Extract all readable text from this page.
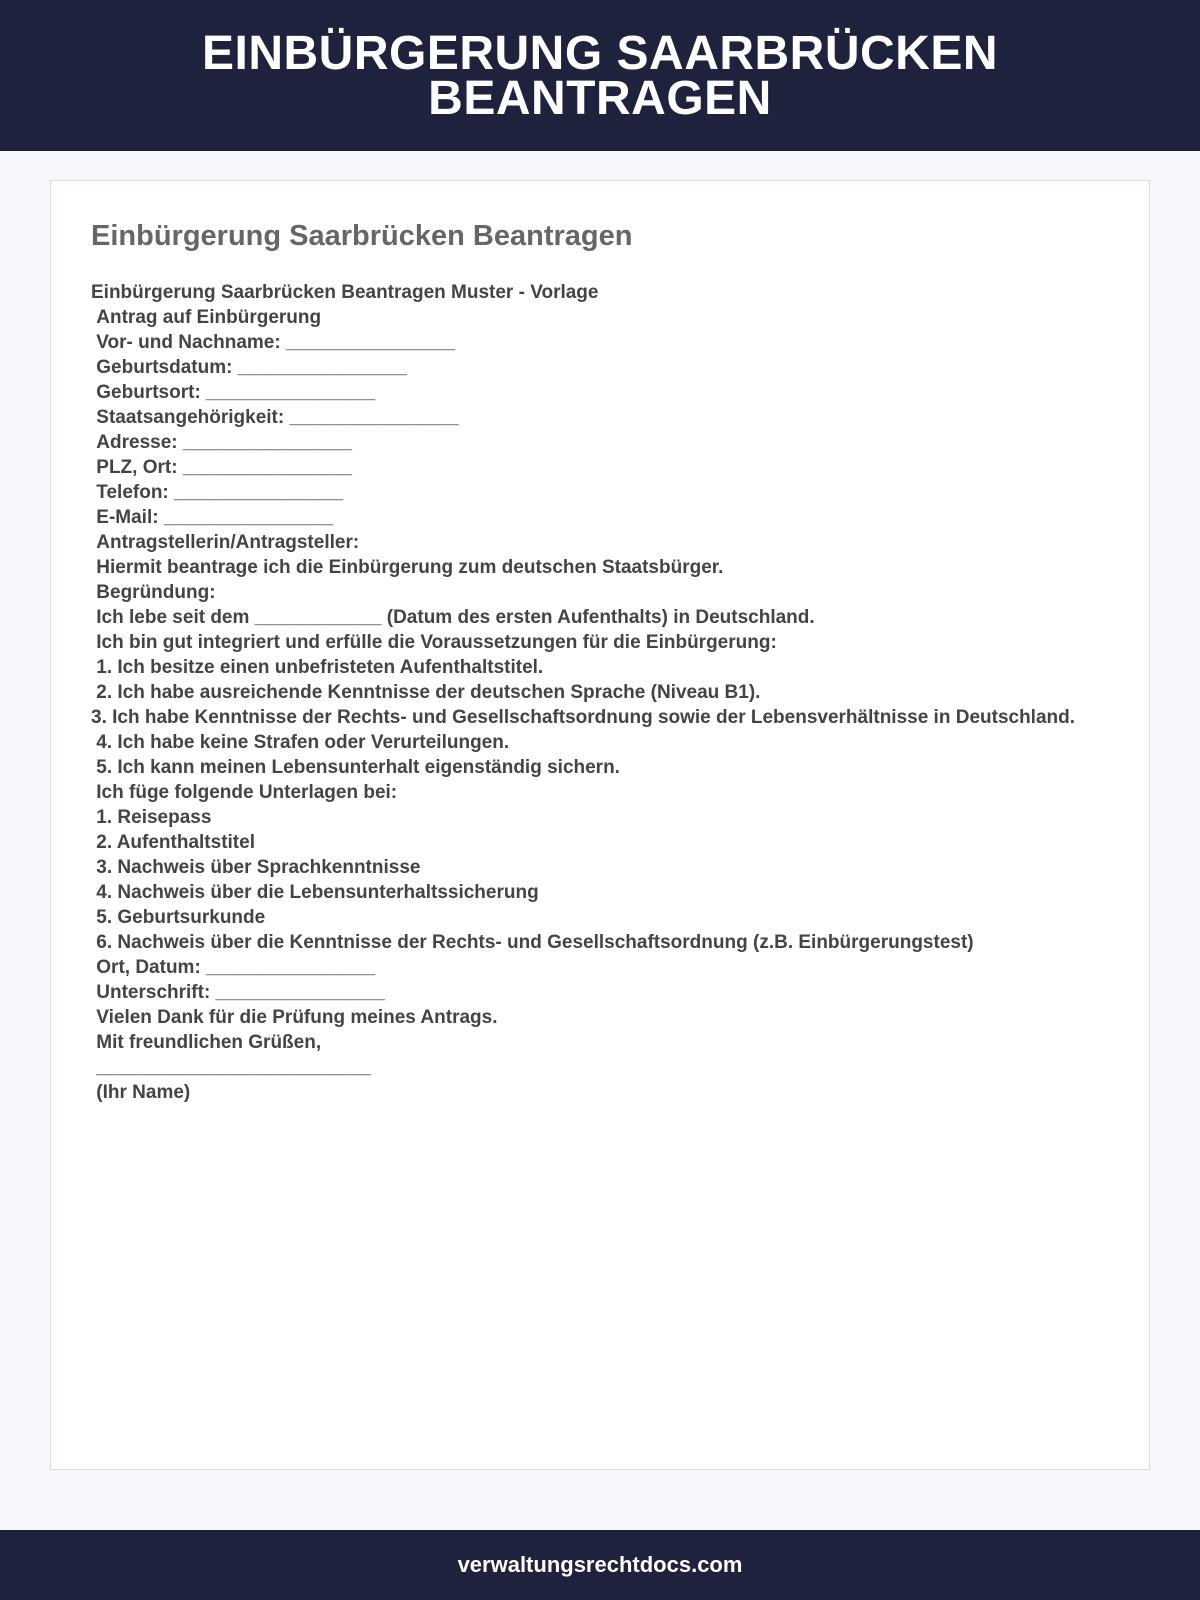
EINBÜRGERUNG SAARBRÜCKEN BEANTRAGEN
Einbürgerung Saarbrücken Beantragen
Einbürgerung Saarbrücken Beantragen Muster - Vorlage
Antrag auf Einbürgerung
Vor- und Nachname: ________________
Geburtsdatum: ________________
Geburtsort: ________________
Staatsangehörigkeit: ________________
Adresse: ________________
PLZ, Ort: ________________
Telefon: ________________
E-Mail: ________________
Antragstellerin/Antragsteller:
Hiermit beantrage ich die Einbürgerung zum deutschen Staatsbürger.
Begründung:
Ich lebe seit dem ____________ (Datum des ersten Aufenthalts) in Deutschland.
Ich bin gut integriert und erfülle die Voraussetzungen für die Einbürgerung:
1. Ich besitze einen unbefristeten Aufenthaltstitel.
2. Ich habe ausreichende Kenntnisse der deutschen Sprache (Niveau B1).
3. Ich habe Kenntnisse der Rechts- und Gesellschaftsordnung sowie der Lebensverhältnisse in Deutschland.
4. Ich habe keine Strafen oder Verurteilungen.
5. Ich kann meinen Lebensunterhalt eigenständig sichern.
Ich füge folgende Unterlagen bei:
1. Reisepass
2. Aufenthaltstitel
3. Nachweis über Sprachkenntnisse
4. Nachweis über die Lebensunterhaltssicherung
5. Geburtsurkunde
6. Nachweis über die Kenntnisse der Rechts- und Gesellschaftsordnung (z.B. Einbürgerungstest)
Ort, Datum: ________________
Unterschrift: ________________
Vielen Dank für die Prüfung meines Antrags.
Mit freundlichen Grüßen,
__________________________
(Ihr Name)
verwaltungsrechtdocs.com
